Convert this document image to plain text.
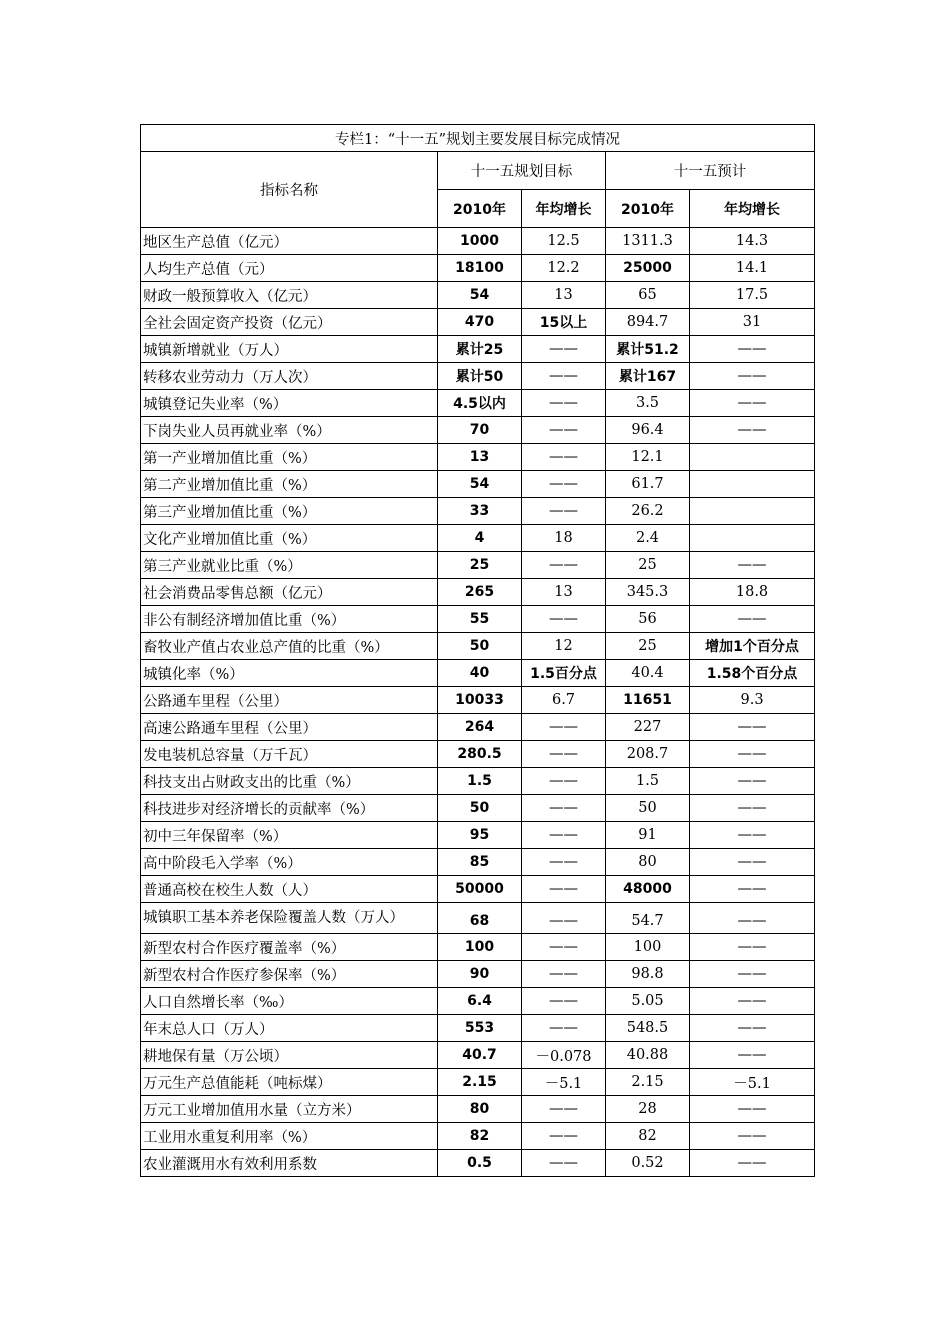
专栏1：“十一五”规划主要发展目标完成情况				
指标名称	十一五规划目标		十一五预计	
	2010年	年均增长	2010年	年均增长
地区生产总值（亿元）	1000	12.5	1311.3	14.3
人均生产总值（元）	18100	12.2	25000	14.1
财政一般预算收入（亿元）	54	13	65	17.5
全社会固定资产投资（亿元）	470	15以上	894.7	31
城镇新增就业（万人）	累计25	——	累计51.2	——
转移农业劳动力（万人次）	累计50	——	累计167	——
城镇登记失业率（%）	4.5以内	——	3.5	——
下岗失业人员再就业率（%）	70	——	96.4	——
第一产业增加值比重（%）	13	——	12.1	
第二产业增加值比重（%）	54	——	61.7	
第三产业增加值比重（%）	33	——	26.2	
文化产业增加值比重（%）	4	18	2.4	
第三产业就业比重（%）	25	——	25	——
社会消费品零售总额（亿元）	265	13	345.3	18.8
非公有制经济增加值比重（%）	55	——	56	——
畜牧业产值占农业总产值的比重（%）	50	12	25	增加1个百分点
城镇化率（%）	40	1.5百分点	40.4	1.58个百分点
公路通车里程（公里）	10033	6.7	11651	9.3
高速公路通车里程（公里）	264	——	227	——
发电装机总容量（万千瓦）	280.5	——	208.7	——
科技支出占财政支出的比重（%）	1.5	——	1.5	——
科技进步对经济增长的贡献率（%）	50	——	50	——
初中三年保留率（%）	95	——	91	——
高中阶段毛入学率（%）	85	——	80	——
普通高校在校生人数（人）	50000	——	48000	——
城镇职工基本养老保险覆盖人数（万人）	68	——	54.7	——
新型农村合作医疗覆盖率（%）	100	——	100	——
新型农村合作医疗参保率（%）	90	——	98.8	——
人口自然增长率（‰）	6.4	——	5.05	——
年末总人口（万人）	553	——	548.5	——
耕地保有量（万公顷）	40.7	－0.078	40.88	——
万元生产总值能耗（吨标煤）	2.15	－5.1	2.15	－5.1
万元工业增加值用水量（立方米）	80	——	28	——
工业用水重复利用率（%）	82	——	82	——
农业灌溉用水有效利用系数	0.5	——	0.52	——
